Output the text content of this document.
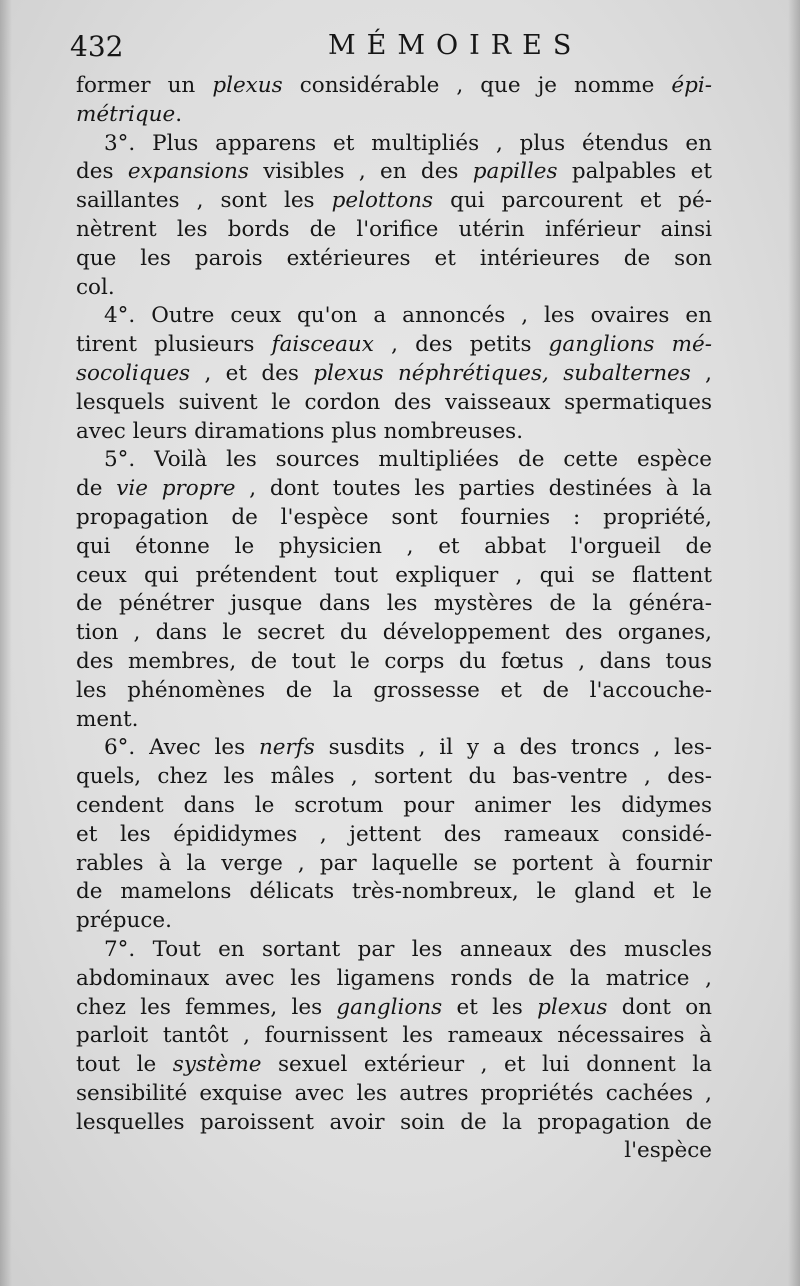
432	MÉMOIRES
former un plexus considérable , que je nomme épi-
métrique.
3°. Plus apparens et multipliés , plus étendus en
des expansions visibles , en des papilles palpables et
saillantes , sont les pelottons qui parcourent et pé-
nètrent les bords de l'orifice utérin inférieur ainsi
que les parois extérieures et intérieures de son
col.
4°. Outre ceux qu'on a annoncés , les ovaires en
tirent plusieurs faisceaux , des petits ganglions mé-
socoliques , et des plexus néphrétiques, subalternes ,
lesquels suivent le cordon des vaisseaux spermatiques
avec leurs diramations plus nombreuses.
5°. Voilà les sources multipliées de cette espèce
de vie propre , dont toutes les parties destinées à la
propagation de l'espèce sont fournies : propriété,
qui étonne le physicien , et abbat l'orgueil de
ceux qui prétendent tout expliquer , qui se flattent
de pénétrer jusque dans les mystères de la généra-
tion , dans le secret du développement des organes,
des membres, de tout le corps du fœtus , dans tous
les phénomènes de la grossesse et de l'accouche-
ment.
6°. Avec les nerfs susdits , il y a des troncs , les-
quels, chez les mâles , sortent du bas-ventre , des-
cendent dans le scrotum pour animer les didymes
et les épididymes , jettent des rameaux considé-
rables à la verge , par laquelle se portent à fournir
de mamelons délicats très-nombreux, le gland et le
prépuce.
7°. Tout en sortant par les anneaux des muscles
abdominaux avec les ligamens ronds de la matrice ,
chez les femmes, les ganglions et les plexus dont on
parloit tantôt , fournissent les rameaux nécessaires à
tout le système sexuel extérieur , et lui donnent la
sensibilité exquise avec les autres propriétés cachées ,
lesquelles paroissent avoir soin de la propagation de
l'espèce
